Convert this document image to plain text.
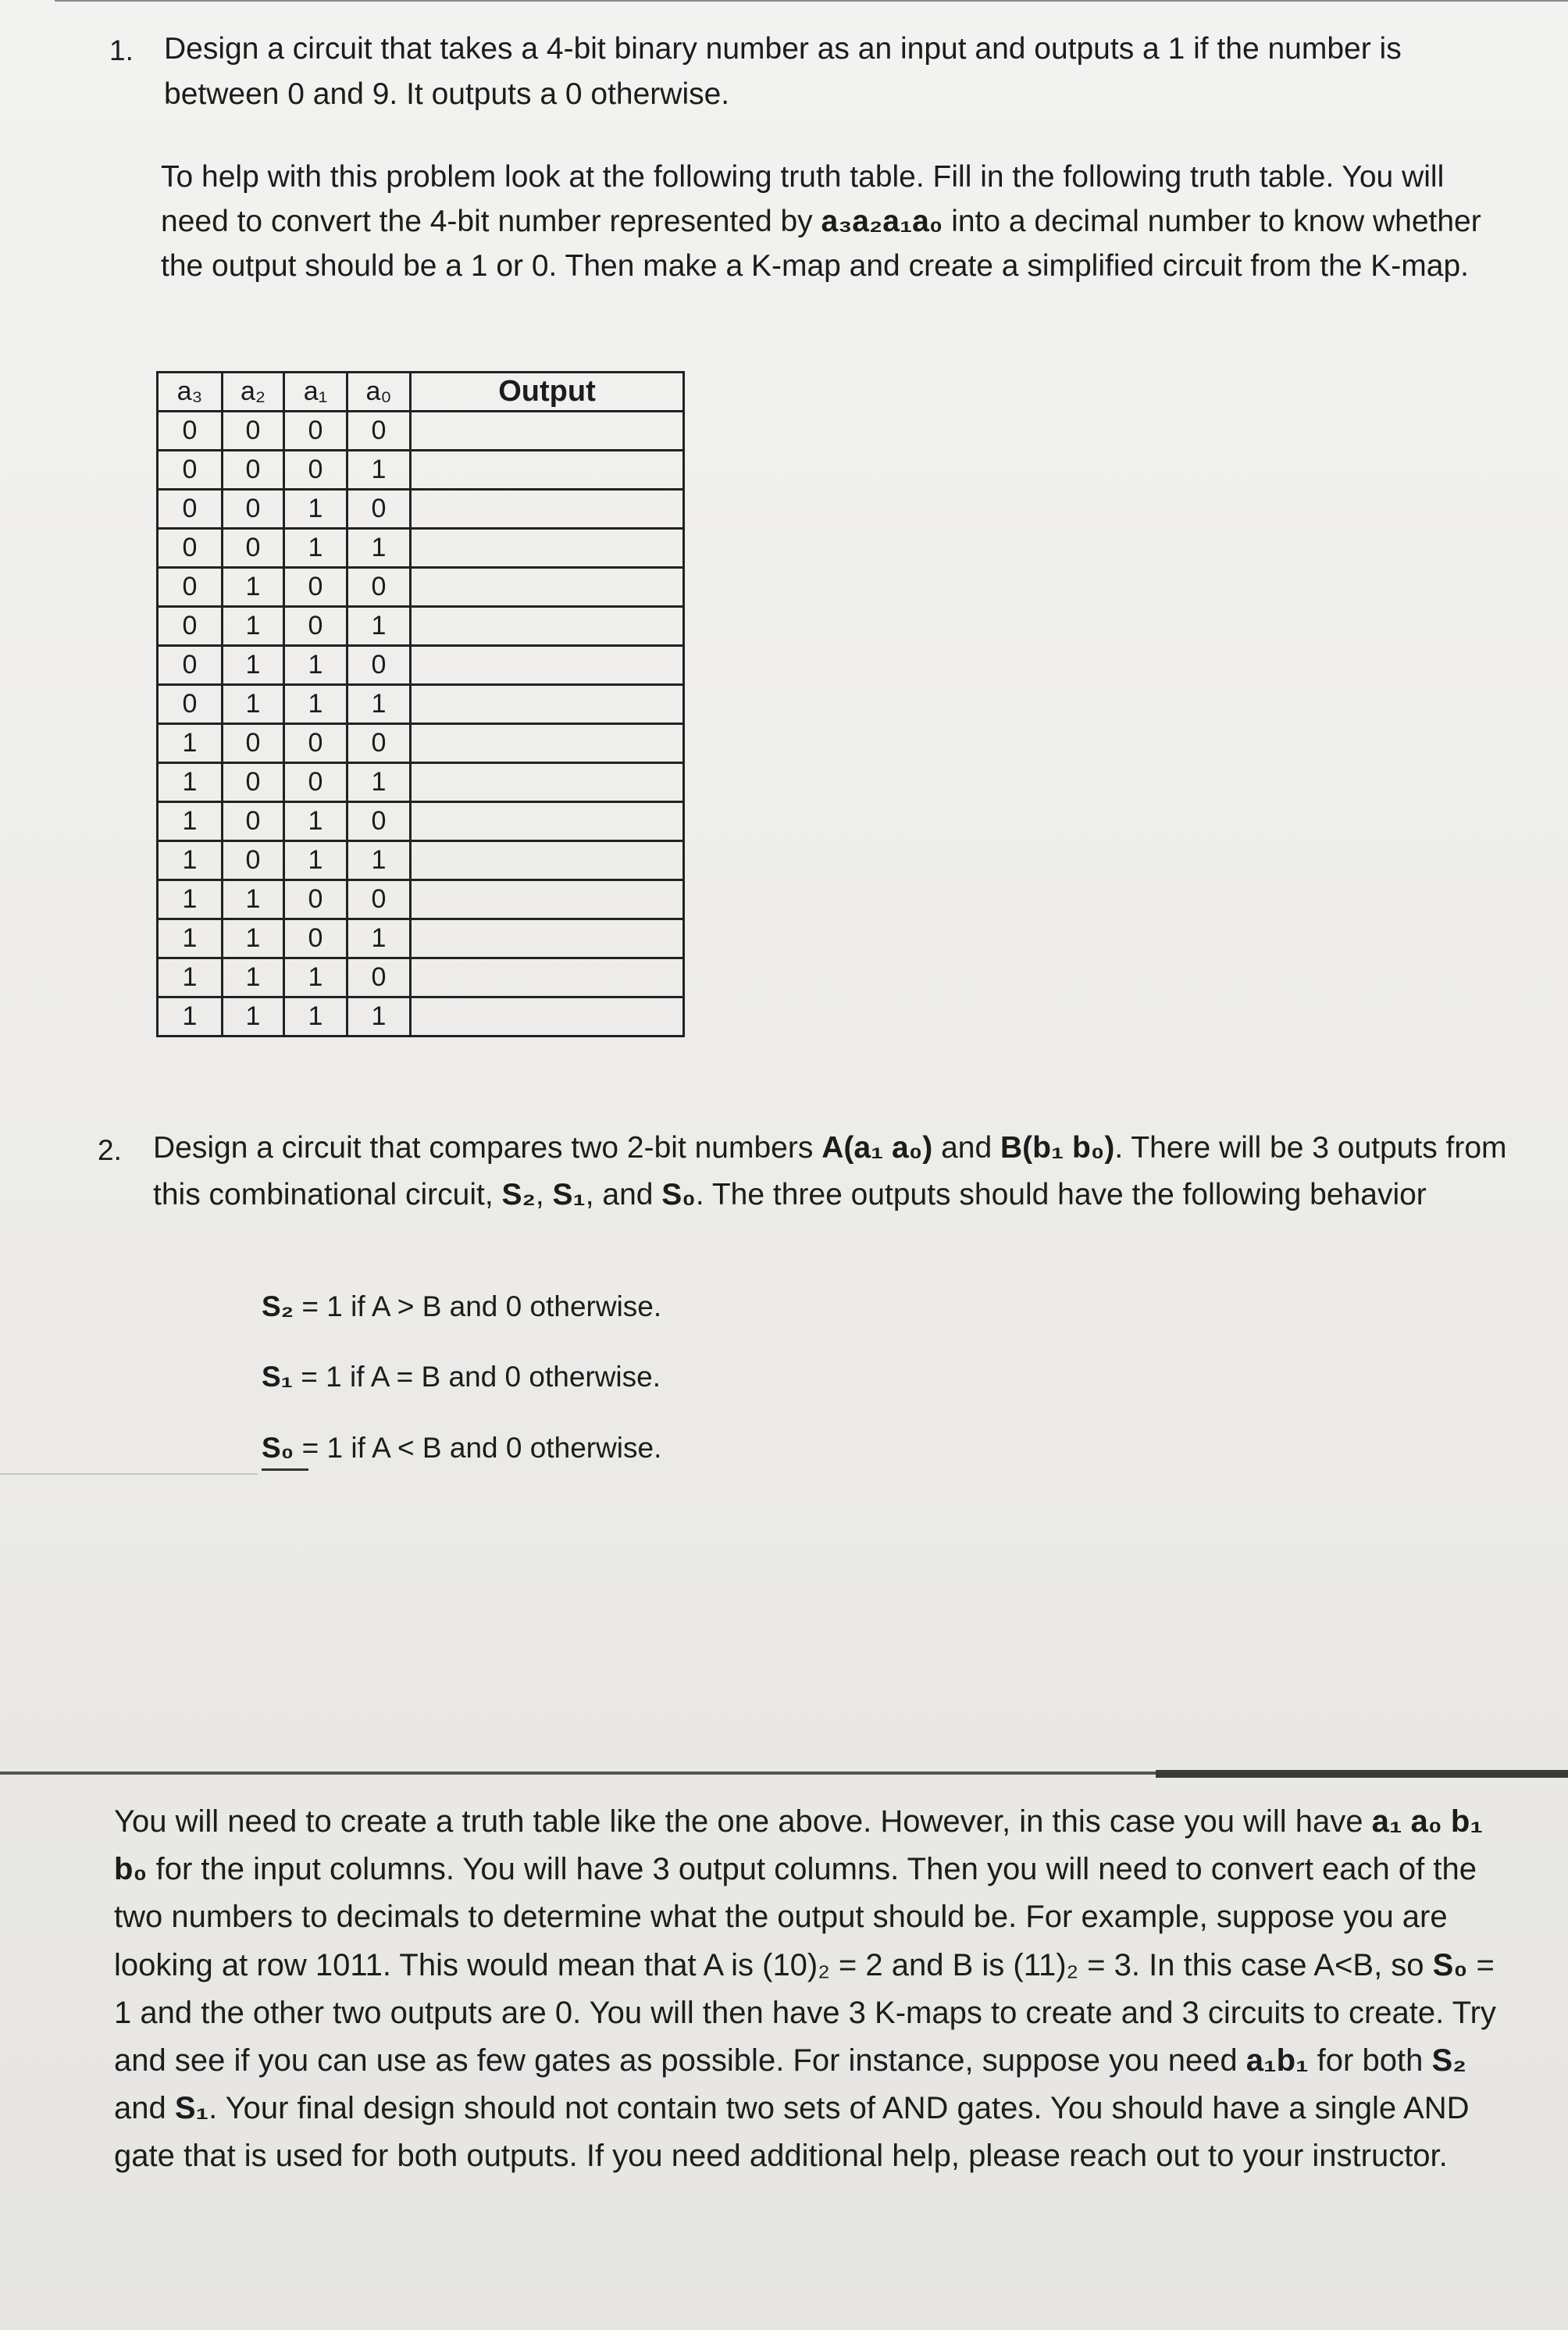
1. Design a circuit that takes a 4-bit binary number as an input and outputs a 1 if the number is between 0 and 9. It outputs a 0 otherwise.
To help with this problem look at the following truth table. Fill in the following truth table. You will need to convert the 4-bit number represented by a₃a₂a₁a₀ into a decimal number to know whether the output should be a 1 or 0. Then make a K-map and create a simplified circuit from the K-map.
a₃	a₂	a₁	a₀	Output
0	0	0	0	
0	0	0	1	
0	0	1	0	
0	0	1	1	
0	1	0	0	
0	1	0	1	
0	1	1	0	
0	1	1	1	
1	0	0	0	
1	0	0	1	
1	0	1	0	
1	0	1	1	
1	1	0	0	
1	1	0	1	
1	1	1	0	
1	1	1	1	
2. Design a circuit that compares two 2-bit numbers A(a₁ a₀) and B(b₁ b₀). There will be 3 outputs from this combinational circuit, S₂, S₁, and S₀. The three outputs should have the following behavior
S₂ = 1 if A > B and 0 otherwise.
S₁ = 1 if A = B and 0 otherwise.
S₀ = 1 if A < B and 0 otherwise.
You will need to create a truth table like the one above. However, in this case you will have a₁ a₀ b₁ b₀ for the input columns. You will have 3 output columns. Then you will need to convert each of the two numbers to decimals to determine what the output should be. For example, suppose you are looking at row 1011. This would mean that A is (10)₂ = 2 and B is (11)₂ = 3. In this case A<B, so S₀ = 1 and the other two outputs are 0. You will then have 3 K-maps to create and 3 circuits to create. Try and see if you can use as few gates as possible. For instance, suppose you need a₁b₁ for both S₂ and S₁. Your final design should not contain two sets of AND gates. You should have a single AND gate that is used for both outputs. If you need additional help, please reach out to your instructor.
